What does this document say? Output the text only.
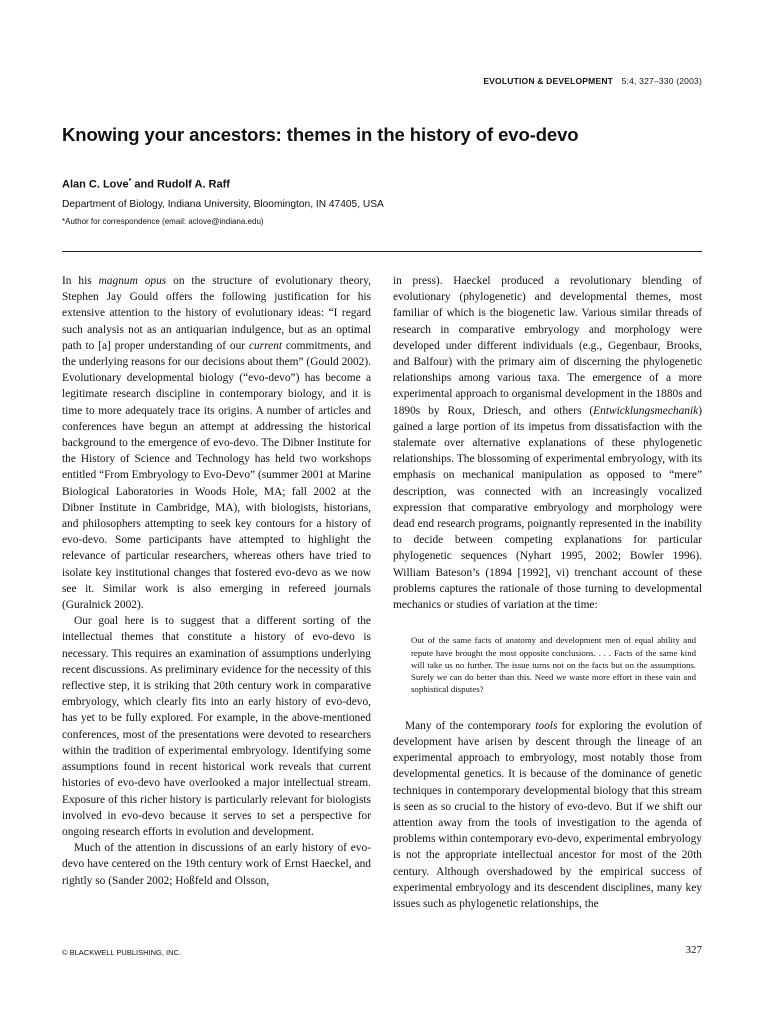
EVOLUTION & DEVELOPMENT 5:4, 327–330 (2003)
Knowing your ancestors: themes in the history of evo-devo

Alan C. Love* and Rudolf A. Raff

Department of Biology, Indiana University, Bloomington, IN 47405, USA

*Author for correspondence (email: aclove@indiana.edu)

In his magnum opus on the structure of evolutionary theory, Stephen Jay Gould offers the following justification for his extensive attention to the history of evolutionary ideas: “I regard such analysis not as an antiquarian indulgence, but as an optimal path to [a] proper understanding of our current commitments, and the underlying reasons for our decisions about them” (Gould 2002). Evolutionary developmental biology (“evo-devo”) has become a legitimate research discipline in contemporary biology, and it is time to more adequately trace its origins. A number of articles and conferences have begun an attempt at addressing the historical background to the emergence of evo-devo. The Dibner Institute for the History of Science and Technology has held two workshops entitled “From Embryology to Evo-Devo” (summer 2001 at Marine Biological Laboratories in Woods Hole, MA; fall 2002 at the Dibner Institute in Cambridge, MA), with biologists, historians, and philosophers attempting to seek key contours for a history of evo-devo. Some participants have attempted to highlight the relevance of particular researchers, whereas others have tried to isolate key institutional changes that fostered evo-devo as we now see it. Similar work is also emerging in refereed journals (Guralnick 2002).

Our goal here is to suggest that a different sorting of the intellectual themes that constitute a history of evo-devo is necessary. This requires an examination of assumptions underlying recent discussions. As preliminary evidence for the necessity of this reflective step, it is striking that 20th century work in comparative embryology, which clearly fits into an early history of evo-devo, has yet to be fully explored. For example, in the above-mentioned conferences, most of the presentations were devoted to researchers within the tradition of experimental embryology. Identifying some assumptions found in recent historical work reveals that current histories of evo-devo have overlooked a major intellectual stream. Exposure of this richer history is particularly relevant for biologists involved in evo-devo because it serves to set a perspective for ongoing research efforts in evolution and development.

Much of the attention in discussions of an early history of evo-devo have centered on the 19th century work of Ernst Haeckel, and rightly so (Sander 2002; Hoßfeld and Olsson,

in press). Haeckel produced a revolutionary blending of evolutionary (phylogenetic) and developmental themes, most familiar of which is the biogenetic law. Various similar threads of research in comparative embryology and morphology were developed under different individuals (e.g., Gegenbaur, Brooks, and Balfour) with the primary aim of discerning the phylogenetic relationships among various taxa. The emergence of a more experimental approach to organismal development in the 1880s and 1890s by Roux, Driesch, and others (Entwicklungsmechanik) gained a large portion of its impetus from dissatisfaction with the stalemate over alternative explanations of these phylogenetic relationships. The blossoming of experimental embryology, with its emphasis on mechanical manipulation as opposed to “mere” description, was connected with an increasingly vocalized expression that comparative embryology and morphology were dead end research programs, poignantly represented in the inability to decide between competing explanations for particular phylogenetic sequences (Nyhart 1995, 2002; Bowler 1996). William Bateson’s (1894 [1992], vi) trenchant account of these problems captures the rationale of those turning to developmental mechanics or studies of variation at the time:

Out of the same facts of anatomy and development men of equal ability and repute have brought the most opposite conclusions. . . . Facts of the same kind will take us no further. The issue turns not on the facts but on the assumptions. Surely we can do better than this. Need we waste more effort in these vain and sophistical disputes?

Many of the contemporary tools for exploring the evolution of development have arisen by descent through the lineage of an experimental approach to embryology, most notably those from developmental genetics. It is because of the dominance of genetic techniques in contemporary developmental biology that this stream is seen as so crucial to the history of evo-devo. But if we shift our attention away from the tools of investigation to the agenda of problems within contemporary evo-devo, experimental embryology is not the appropriate intellectual ancestor for most of the 20th century. Although overshadowed by the empirical success of experimental embryology and its descendent disciplines, many key issues such as phylogenetic relationships, the

© BLACKWELL PUBLISHING, INC.	327
